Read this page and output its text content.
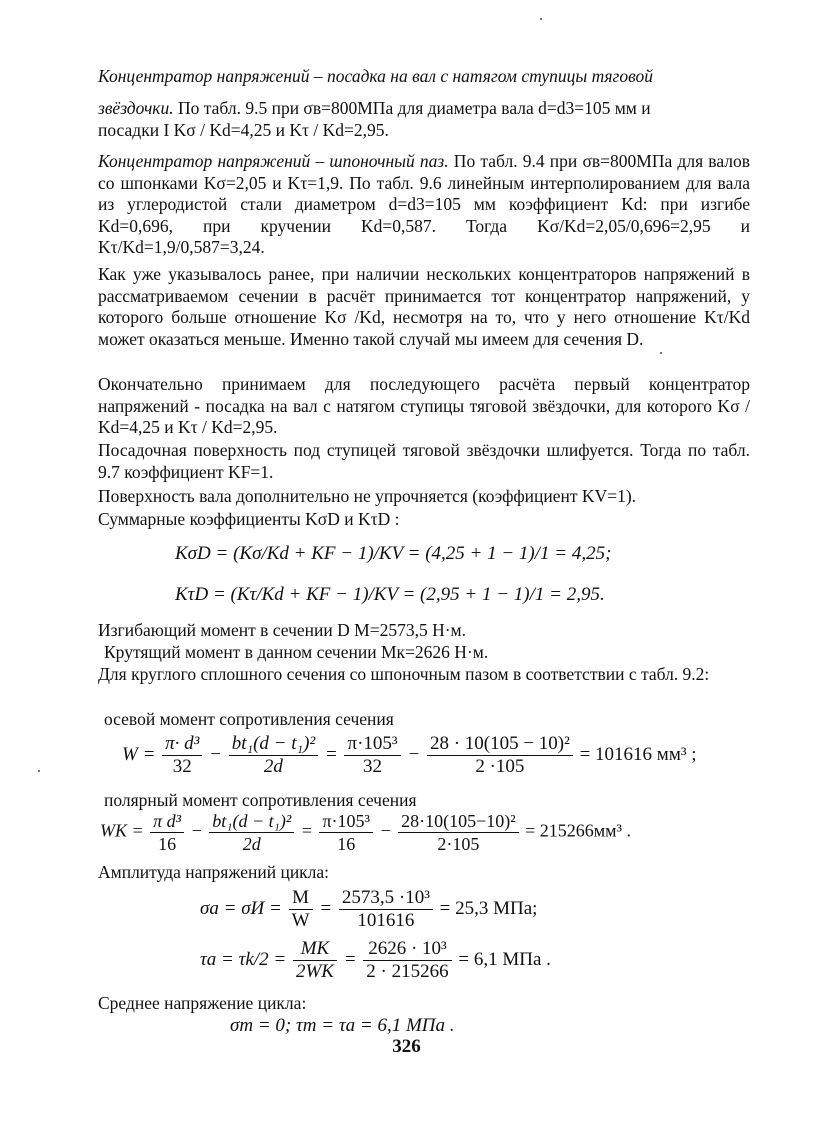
Концентратор напряжений – посадка на вал с натягом ступицы тяговой
звёздочки. По табл. 9.5 при σв=800МПа для диаметра вала d=d3=105 мм и
посадки I Kσ / Kd=4,25 и Kτ / Kd=2,95.
Концентратор напряжений – шпоночный паз. По табл. 9.4 при σв=800МПа для валов со шпонками Kσ=2,05 и Kτ=1,9. По табл. 9.6 линейным интерполированием для вала из углеродистой стали диаметром d=d3=105 мм коэффициент Kd: при изгибе Kd=0,696, при кручении Kd=0,587. Тогда Kσ/Kd=2,05/0,696=2,95 и Kτ/Kd=1,9/0,587=3,24.
Как уже указывалось ранее, при наличии нескольких концентраторов напряжений в рассматриваемом сечении в расчёт принимается тот концентратор напряжений, у которого больше отношение Kσ /Kd, несмотря на то, что у него отношение Kτ/Kd может оказаться меньше. Именно такой случай мы имеем для сечения D.
Окончательно принимаем для последующего расчёта первый концентратор напряжений - посадка на вал с натягом ступицы тяговой звёздочки, для которого Kσ / Kd=4,25 и Kτ / Kd=2,95.
Посадочная поверхность под ступицей тяговой звёздочки шлифуется. Тогда по табл. 9.7 коэффициент KF=1.
Поверхность вала дополнительно не упрочняется (коэффициент KV=1).
Суммарные коэффициенты KσD и KτD :
KσD = (Kσ/Kd + KF − 1)/KV = (4,25 + 1 − 1)/1 = 4,25;
KτD = (Kτ/Kd + KF − 1)/KV = (2,95 + 1 − 1)/1 = 2,95.
Изгибающий момент в сечении D M=2573,5 Н·м.
Крутящий момент в данном сечении Mк=2626 Н·м.
Для круглого сплошного сечения со шпоночным пазом в соответствии с табл. 9.2:
осевой момент сопротивления сечения
$W = \frac{\text{π· d³}}{32} - \frac{\text{bt₁(d − t₁)²}}{2d} = \frac{\text{π·105³}}{32} - \frac{\text{28 · 10(105 − 10)²}}{2 \cdot 105} = 101616$ мм³ ;
полярный момент сопротивления сечения
WK = $\frac{\text{π d³}}{16} - \frac{\text{bt₁(d − t₁)²}}{2d} = \frac{\text{π·105³}}{16} - \frac{\text{28·10(105−10)²}}{2\cdot 105} = 215266мм^3$ .
Амплитуда напряжений цикла:
$\sigma a = \sigma И = \frac{M}{W} = \frac{\text{2573,5 ·10³}}{101616} = 25,3$ МПа;
$\tau a = \tau k/2 = \frac{MK}{2WK} = \frac{\text{2626 · 10³}}{2 \cdot 215266} = 6,1$ МПа .
Среднее напряжение цикла:
σm = 0; τm = τa = 6,1 МПа .
326
